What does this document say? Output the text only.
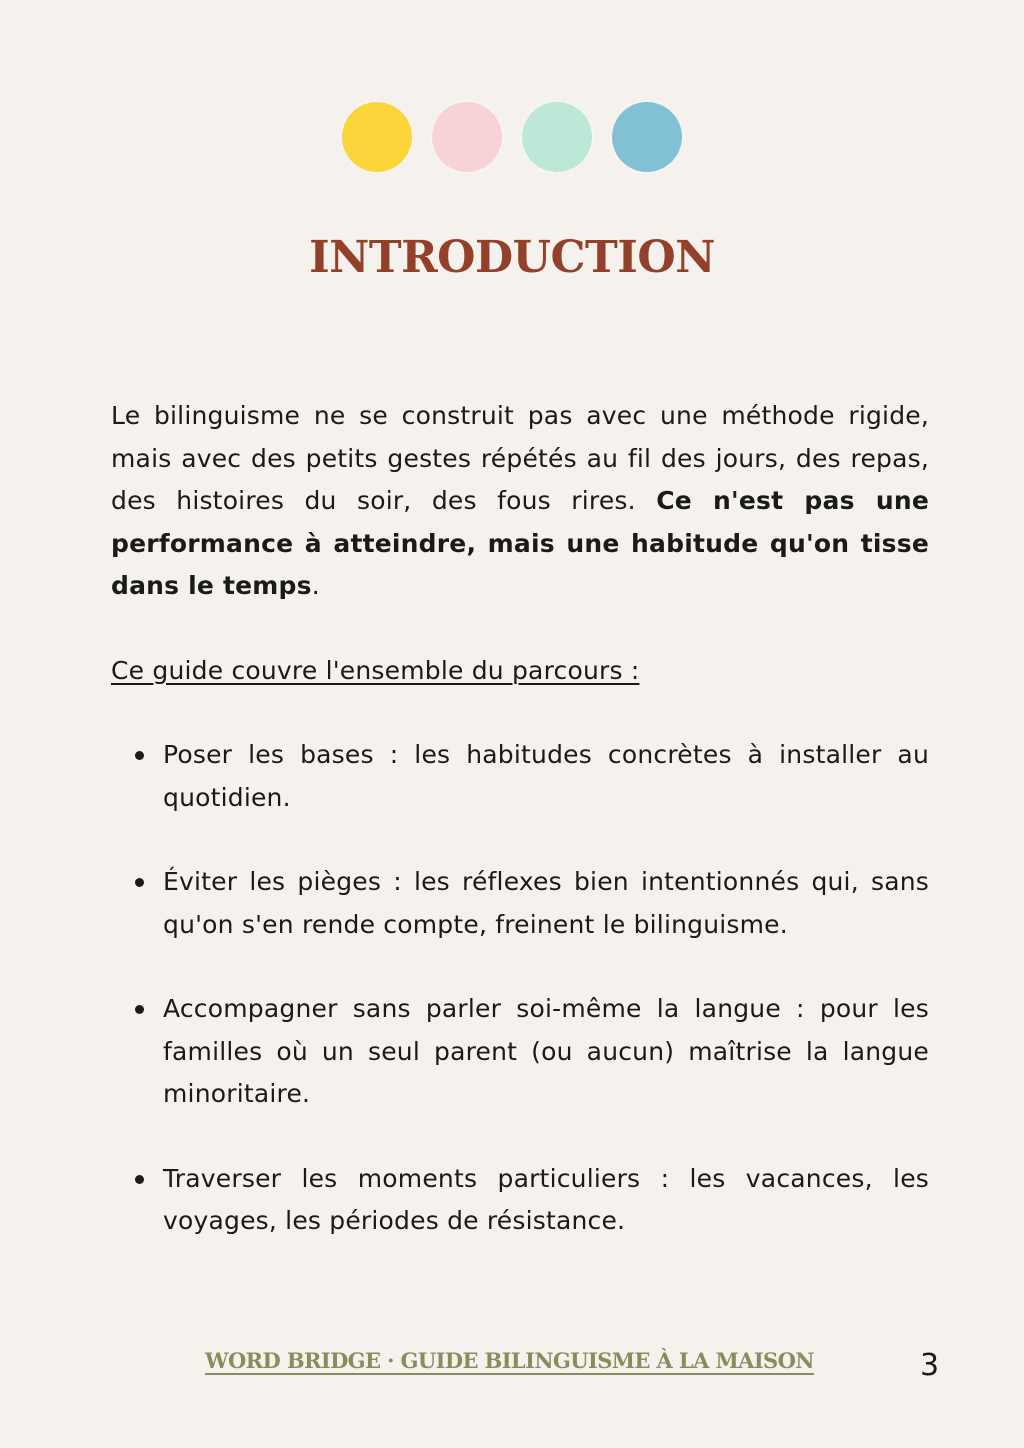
INTRODUCTION

Le bilinguisme ne se construit pas avec une méthode rigide, mais avec des petits gestes répétés au fil des jours, des repas, des histoires du soir, des fous rires. Ce n'est pas une performance à atteindre, mais une habitude qu'on tisse dans le temps.

Ce guide couvre l'ensemble du parcours :

Poser les bases : les habitudes concrètes à installer au quotidien.
Éviter les pièges : les réflexes bien intentionnés qui, sans qu'on s'en rende compte, freinent le bilinguisme.
Accompagner sans parler soi-même la langue : pour les familles où un seul parent (ou aucun) maîtrise la langue minoritaire.
Traverser les moments particuliers : les vacances, les voyages, les périodes de résistance.
WORD BRIDGE · GUIDE BILINGUISME À LA MAISON	3
